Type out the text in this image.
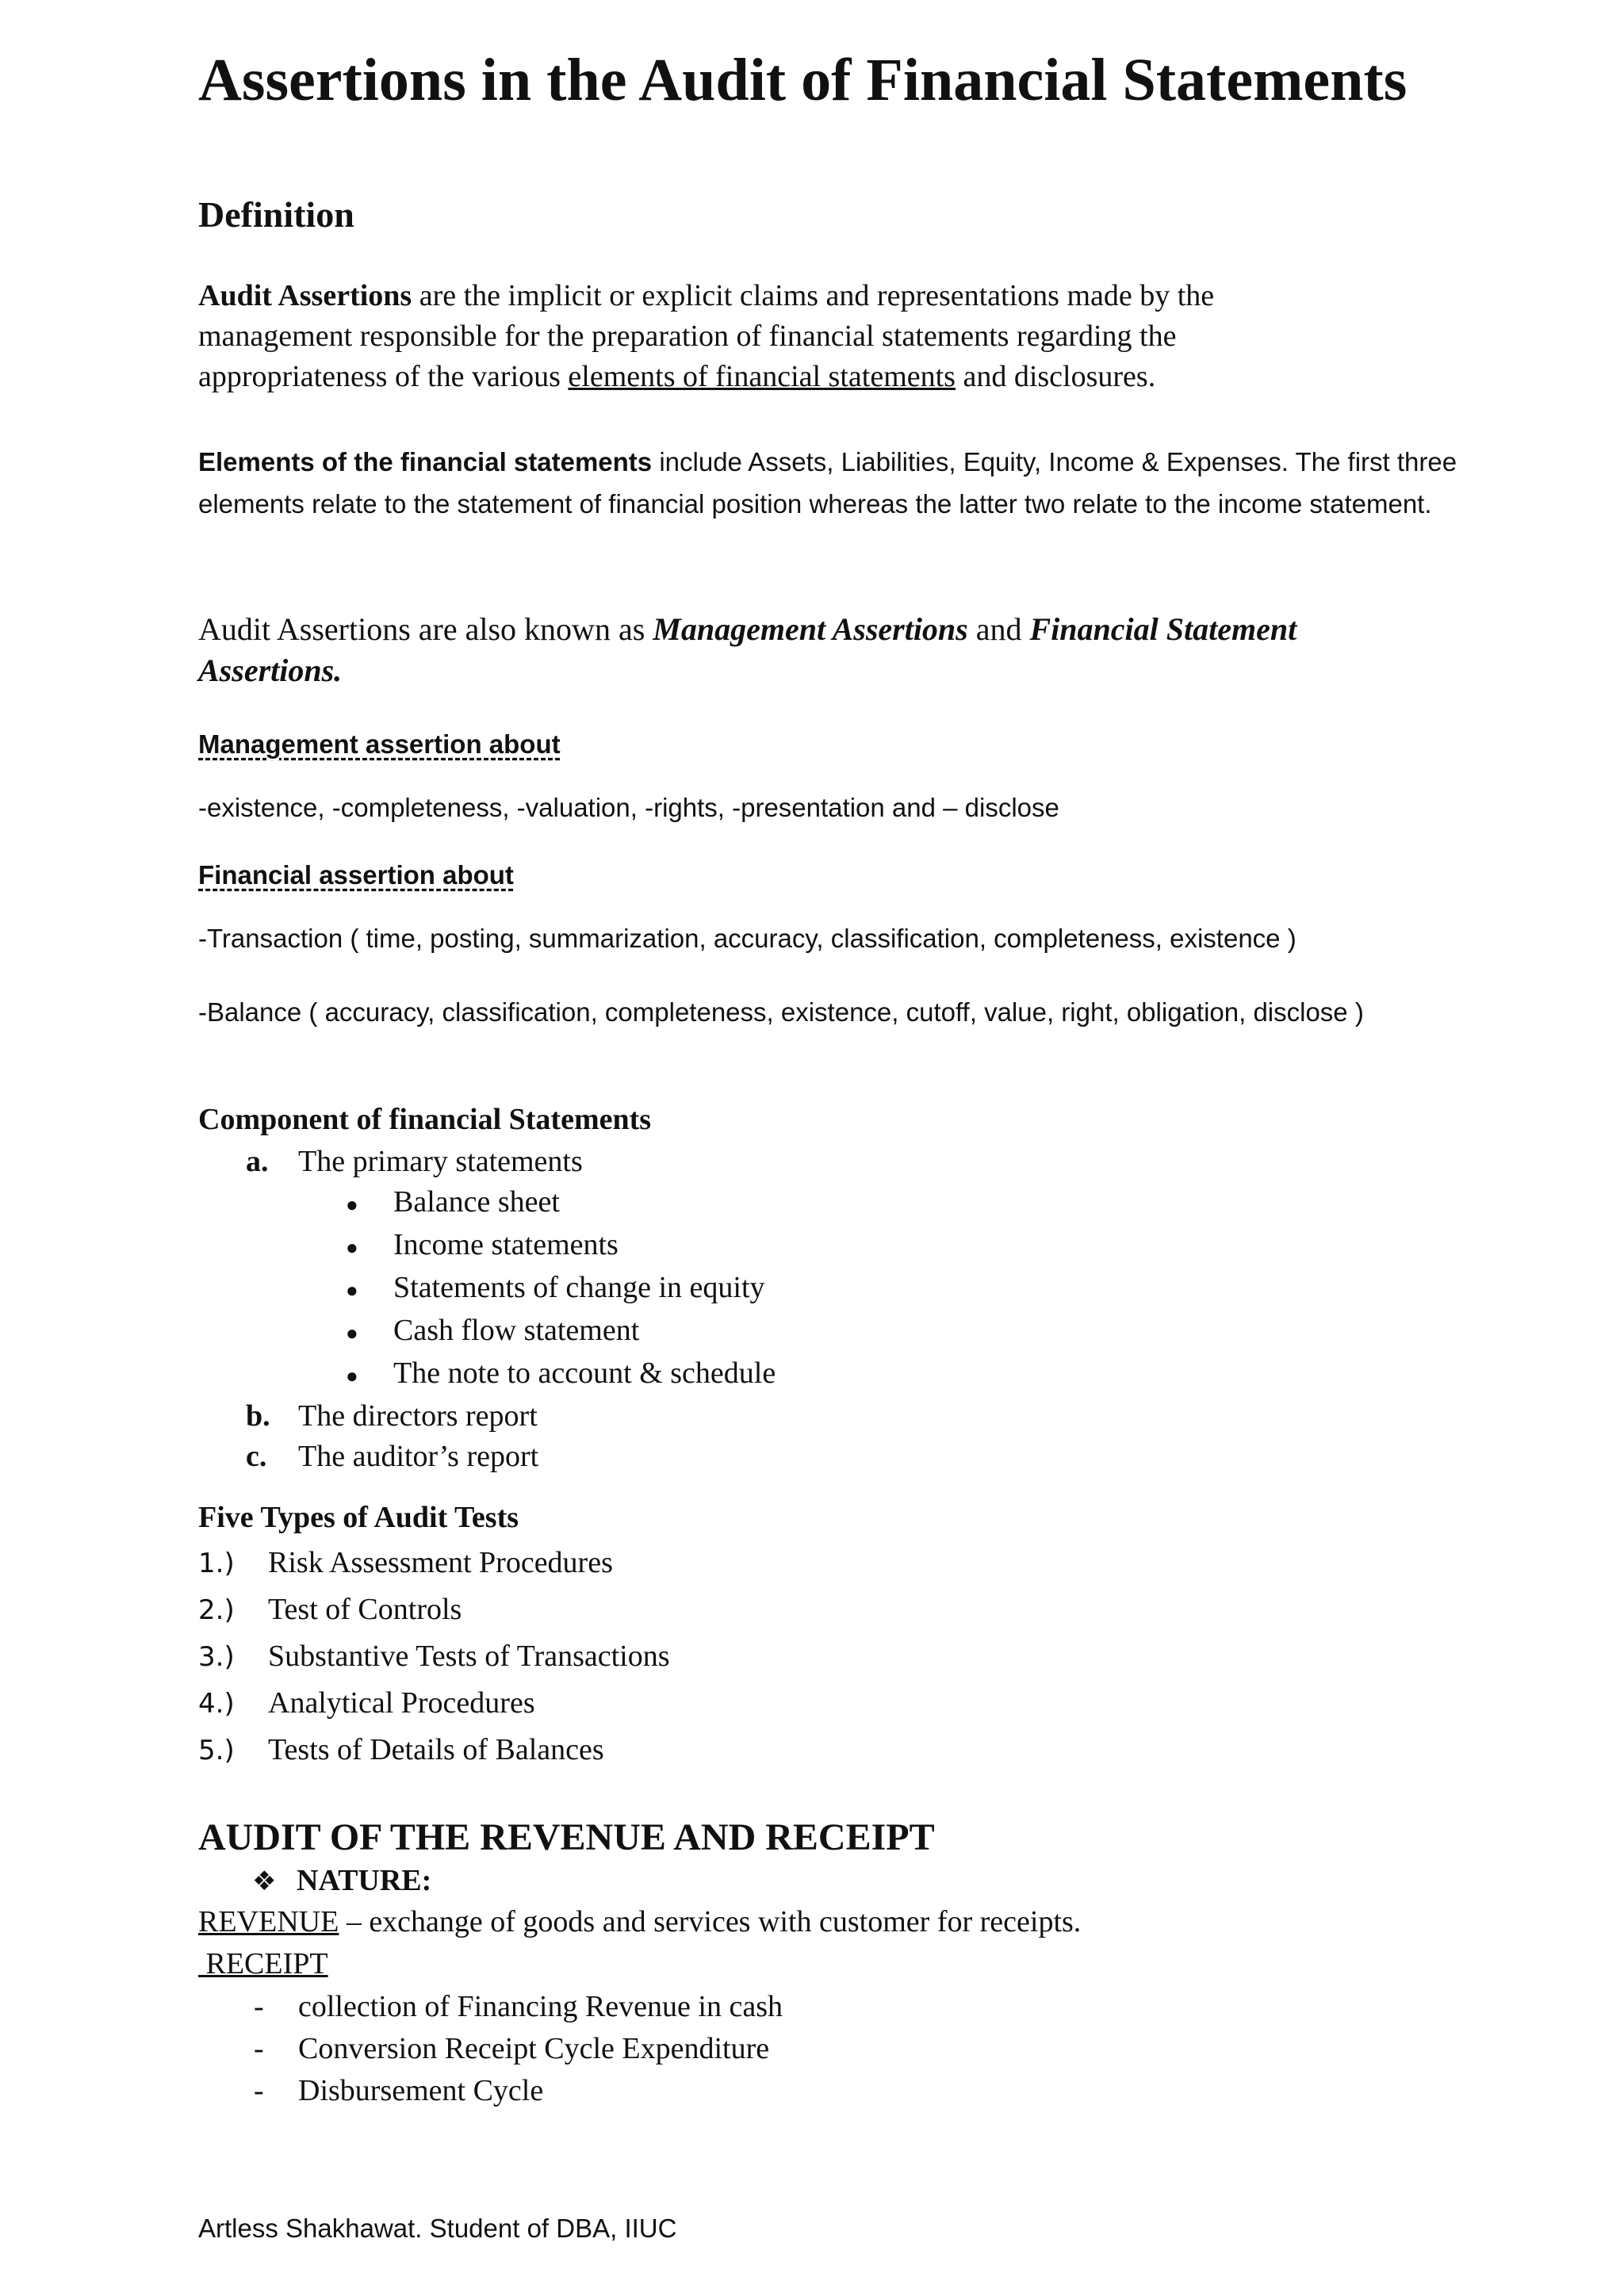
Assertions in the Audit of Financial Statements
Definition

Audit Assertions are the implicit or explicit claims and representations made by the management responsible for the preparation of financial statements regarding the appropriateness of the various elements of financial statements and disclosures.

Elements of the financial statements include Assets, Liabilities, Equity, Income & Expenses. The first three elements relate to the statement of financial position whereas the latter two relate to the income statement.

Audit Assertions are also known as Management Assertions and Financial Statement Assertions.

Management assertion about
-existence, -completeness, -valuation, -rights, -presentation and – disclose
Financial assertion about
-Transaction ( time, posting, summarization, accuracy, classification, completeness, existence )
-Balance ( accuracy, classification, completeness, existence, cutoff, value, right, obligation, disclose )
Component of financial Statements
a. The primary statements
●	Balance sheet
●	Income statements
●	Statements of change in equity
●	Cash flow statement
●	The note to account & schedule
b. The directors report
c.	The auditor’s report
Five Types of Audit Tests
1.)	Risk Assessment Procedures
2.)	Test of Controls
3.)	Substantive Tests of Transactions
4.)	Analytical Procedures
5.)	Tests of Details of Balances
AUDIT OF THE REVENUE AND RECEIPT
❖ NATURE:
REVENUE – exchange of goods and services with customer for receipts.
RECEIPT
-	collection of Financing Revenue in cash
-	Conversion Receipt Cycle Expenditure
-	Disbursement Cycle
Artless Shakhawat. Student of DBA, IIUC
